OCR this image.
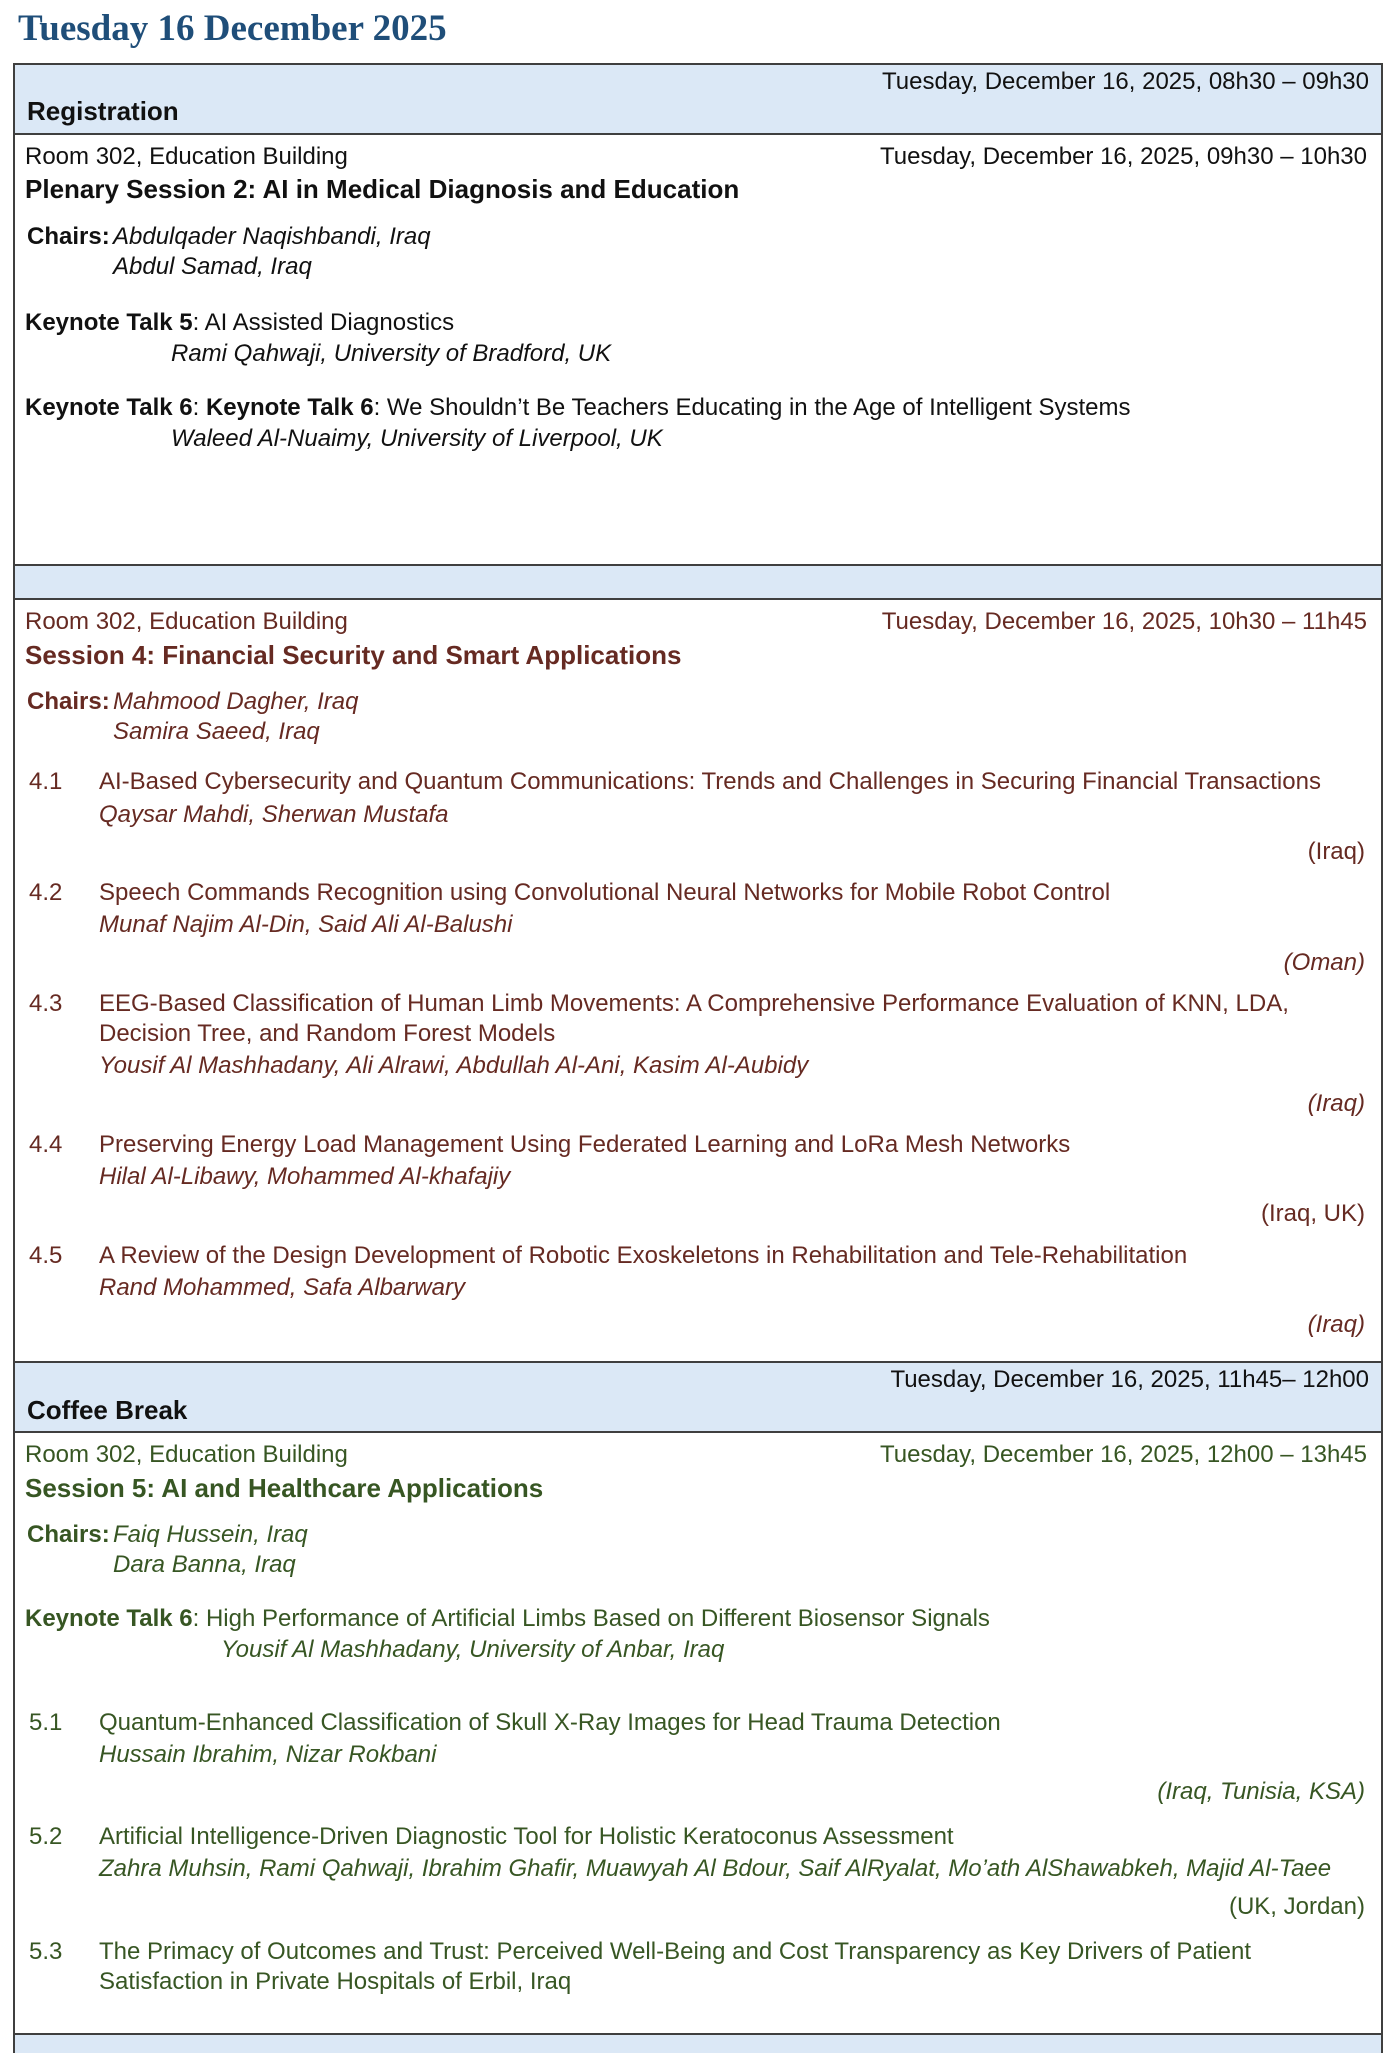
Tuesday 16 December 2025
Tuesday, December 16, 2025, 08h30 – 09h30
Registration
Room 302, Education Building	Tuesday, December 16, 2025, 09h30 – 10h30
Plenary Session 2: AI in Medical Diagnosis and Education
Chairs: Abdulqader Naqishbandi, Iraq
Abdul Samad, Iraq
Keynote Talk 5: AI Assisted Diagnostics
Rami Qahwaji, University of Bradford, UK
Keynote Talk 6: Keynote Talk 6: We Shouldn’t Be Teachers Educating in the Age of Intelligent Systems
Waleed Al-Nuaimy, University of Liverpool, UK
Room 302, Education Building	Tuesday, December 16, 2025, 10h30 – 11h45
Session 4: Financial Security and Smart Applications
Chairs: Mahmood Dagher, Iraq
Samira Saeed, Iraq
4.1	AI-Based Cybersecurity and Quantum Communications: Trends and Challenges in Securing Financial Transactions
Qaysar Mahdi, Sherwan Mustafa
(Iraq)
4.2	Speech Commands Recognition using Convolutional Neural Networks for Mobile Robot Control
Munaf Najim Al-Din, Said Ali Al-Balushi
(Oman)
4.3	EEG-Based Classification of Human Limb Movements: A Comprehensive Performance Evaluation of KNN, LDA, Decision Tree, and Random Forest Models
Yousif Al Mashhadany, Ali Alrawi, Abdullah Al-Ani, Kasim Al-Aubidy
(Iraq)
4.4	Preserving Energy Load Management Using Federated Learning and LoRa Mesh Networks
Hilal Al-Libawy, Mohammed Al-khafajiy
(Iraq, UK)
4.5	A Review of the Design Development of Robotic Exoskeletons in Rehabilitation and Tele-Rehabilitation
Rand Mohammed, Safa Albarwary
(Iraq)
Tuesday, December 16, 2025, 11h45– 12h00
Coffee Break
Room 302, Education Building	Tuesday, December 16, 2025, 12h00 – 13h45
Session 5: AI and Healthcare Applications
Chairs: Faiq Hussein, Iraq
Dara Banna, Iraq
Keynote Talk 6: High Performance of Artificial Limbs Based on Different Biosensor Signals
Yousif Al Mashhadany, University of Anbar, Iraq
5.1	Quantum-Enhanced Classification of Skull X-Ray Images for Head Trauma Detection
Hussain Ibrahim, Nizar Rokbani
(Iraq, Tunisia, KSA)
5.2	Artificial Intelligence-Driven Diagnostic Tool for Holistic Keratoconus Assessment
Zahra Muhsin, Rami Qahwaji, Ibrahim Ghafir, Muawyah Al Bdour, Saif AlRyalat, Mo’ath AlShawabkeh, Majid Al-Taee
(UK, Jordan)
5.3	The Primacy of Outcomes and Trust: Perceived Well-Being and Cost Transparency as Key Drivers of Patient Satisfaction in Private Hospitals of Erbil, Iraq
